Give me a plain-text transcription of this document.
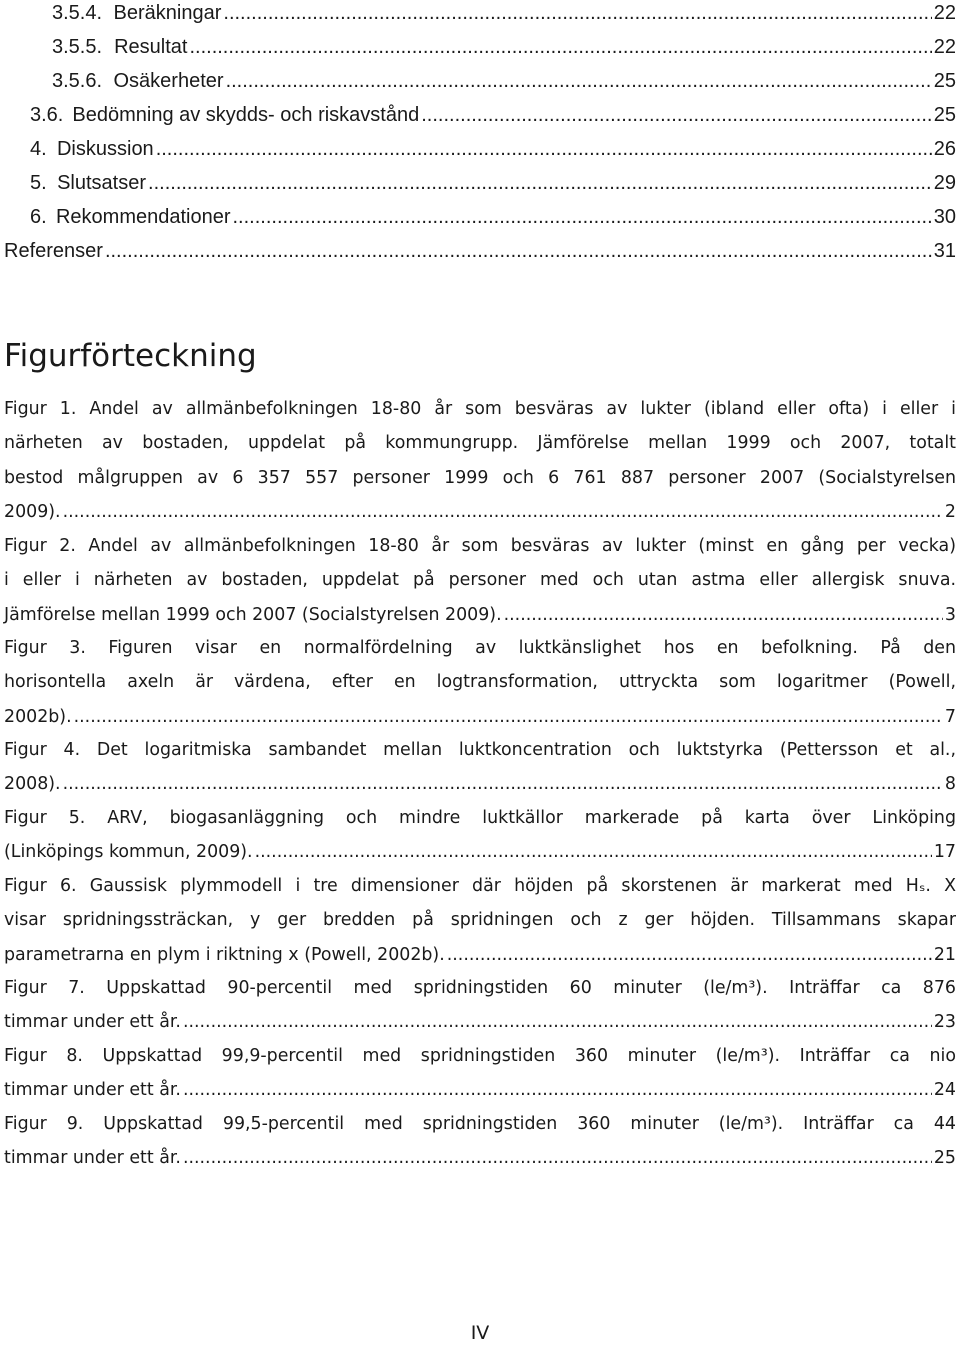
3.5.4. Beräkningar .....	22
3.5.5. Resultat .....	22
3.5.6. Osäkerheter .....	25
3.6. Bedömning av skydds- och riskavstånd .....	25
4. Diskussion .....	26
5. Slutsatser .....	29
6. Rekommendationer .....	30
Referenser .....	31
Figurförteckning
Figur 1. Andel av allmänbefolkningen 18-80 år som besväras av lukter (ibland eller ofta) i eller i
närheten av bostaden, uppdelat på kommungrupp. Jämförelse mellan 1999 och 2007, totalt
bestod målgruppen av 6 357 557 personer 1999 och 6 761 887 personer 2007 (Socialstyrelsen
2009). .....	2
Figur 2. Andel av allmänbefolkningen 18-80 år som besväras av lukter (minst en gång per vecka)
i eller i närheten av bostaden, uppdelat på personer med och utan astma eller allergisk snuva.
Jämförelse mellan 1999 och 2007 (Socialstyrelsen 2009). .....	3
Figur 3. Figuren visar en normalfördelning av luktkänslighet hos en befolkning. På den
horisontella axeln är värdena, efter en logtransformation, uttryckta som logaritmer (Powell,
2002b). .....	7
Figur 4. Det logaritmiska sambandet mellan luktkoncentration och luktstyrka (Pettersson et al.,
2008). .....	8
Figur 5. ARV, biogasanläggning och mindre luktkällor markerade på karta över Linköping
(Linköpings kommun, 2009). .....	17
Figur 6. Gaussisk plymmodell i tre dimensioner där höjden på skorstenen är markerat med Hₛ. X
visar spridningssträckan, y ger bredden på spridningen och z ger höjden. Tillsammans skapar
parametrarna en plym i riktning x (Powell, 2002b). .....	21
Figur 7. Uppskattad 90-percentil med spridningstiden 60 minuter (le/m³). Inträffar ca 876
timmar under ett år. .....	23
Figur 8. Uppskattad 99,9-percentil med spridningstiden 360 minuter (le/m³). Inträffar ca nio
timmar under ett år. .....	24
Figur 9. Uppskattad 99,5-percentil med spridningstiden 360 minuter (le/m³). Inträffar ca 44
timmar under ett år. .....	25
IV
